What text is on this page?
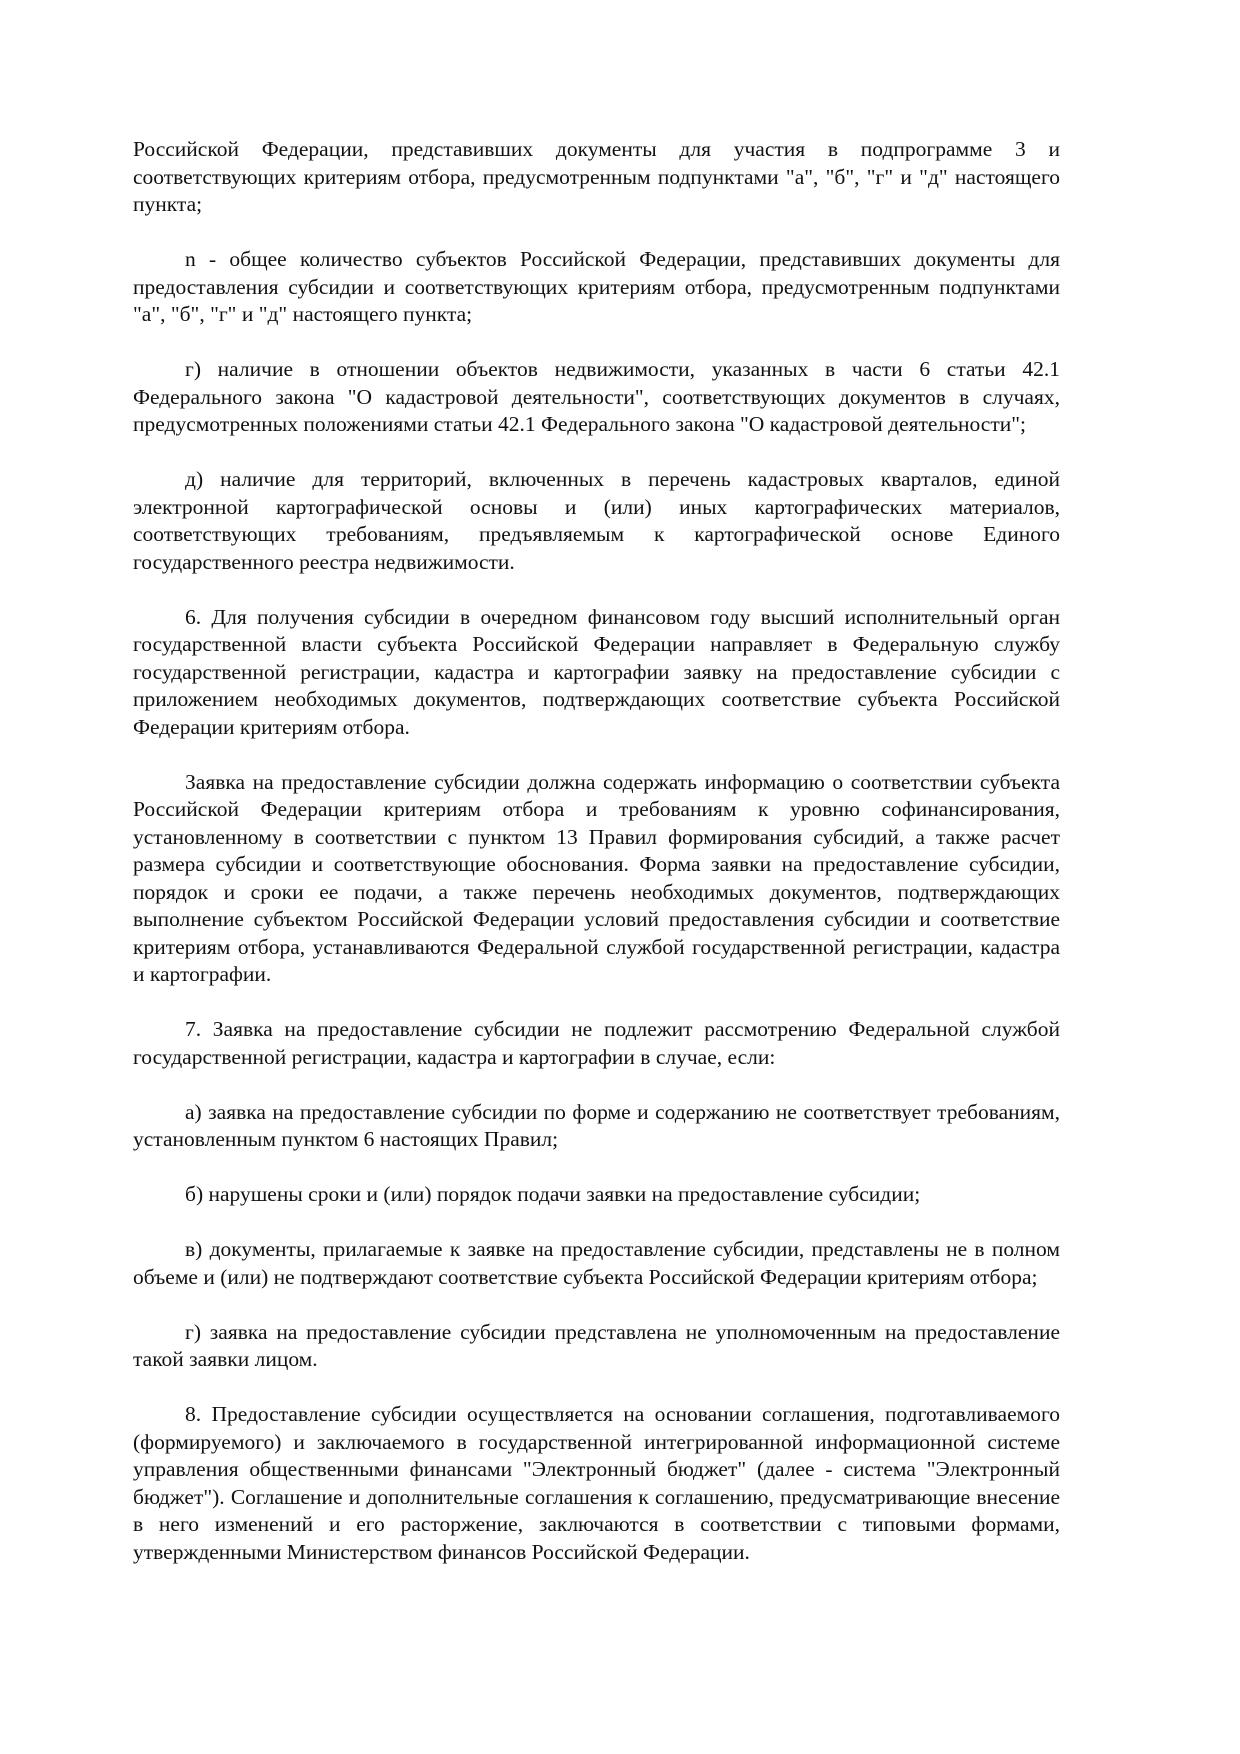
Российской Федерации, представивших документы для участия в подпрограмме 3 и соответствующих критериям отбора, предусмотренным подпунктами "а", "б", "г" и "д" настоящего пункта;

n - общее количество субъектов Российской Федерации, представивших документы для предоставления субсидии и соответствующих критериям отбора, предусмотренным подпунктами "а", "б", "г" и "д" настоящего пункта;

г) наличие в отношении объектов недвижимости, указанных в части 6 статьи 42.1 Федерального закона "О кадастровой деятельности", соответствующих документов в случаях, предусмотренных положениями статьи 42.1 Федерального закона "О кадастровой деятельности";

д) наличие для территорий, включенных в перечень кадастровых кварталов, единой электронной картографической основы и (или) иных картографических материалов, соответствующих требованиям, предъявляемым к картографической основе Единого государственного реестра недвижимости.

6. Для получения субсидии в очередном финансовом году высший исполнительный орган государственной власти субъекта Российской Федерации направляет в Федеральную службу государственной регистрации, кадастра и картографии заявку на предоставление субсидии с приложением необходимых документов, подтверждающих соответствие субъекта Российской Федерации критериям отбора.

Заявка на предоставление субсидии должна содержать информацию о соответствии субъекта Российской Федерации критериям отбора и требованиям к уровню софинансирования, установленному в соответствии с пунктом 13 Правил формирования субсидий, а также расчет размера субсидии и соответствующие обоснования. Форма заявки на предоставление субсидии, порядок и сроки ее подачи, а также перечень необходимых документов, подтверждающих выполнение субъектом Российской Федерации условий предоставления субсидии и соответствие критериям отбора, устанавливаются Федеральной службой государственной регистрации, кадастра и картографии.

7. Заявка на предоставление субсидии не подлежит рассмотрению Федеральной службой государственной регистрации, кадастра и картографии в случае, если:

а) заявка на предоставление субсидии по форме и содержанию не соответствует требованиям, установленным пунктом 6 настоящих Правил;

б) нарушены сроки и (или) порядок подачи заявки на предоставление субсидии;

в) документы, прилагаемые к заявке на предоставление субсидии, представлены не в полном объеме и (или) не подтверждают соответствие субъекта Российской Федерации критериям отбора;

г) заявка на предоставление субсидии представлена не уполномоченным на предоставление такой заявки лицом.

8. Предоставление субсидии осуществляется на основании соглашения, подготавливаемого (формируемого) и заключаемого в государственной интегрированной информационной системе управления общественными финансами "Электронный бюджет" (далее - система "Электронный бюджет"). Соглашение и дополнительные соглашения к соглашению, предусматривающие внесение в него изменений и его расторжение, заключаются в соответствии с типовыми формами, утвержденными Министерством финансов Российской Федерации.
